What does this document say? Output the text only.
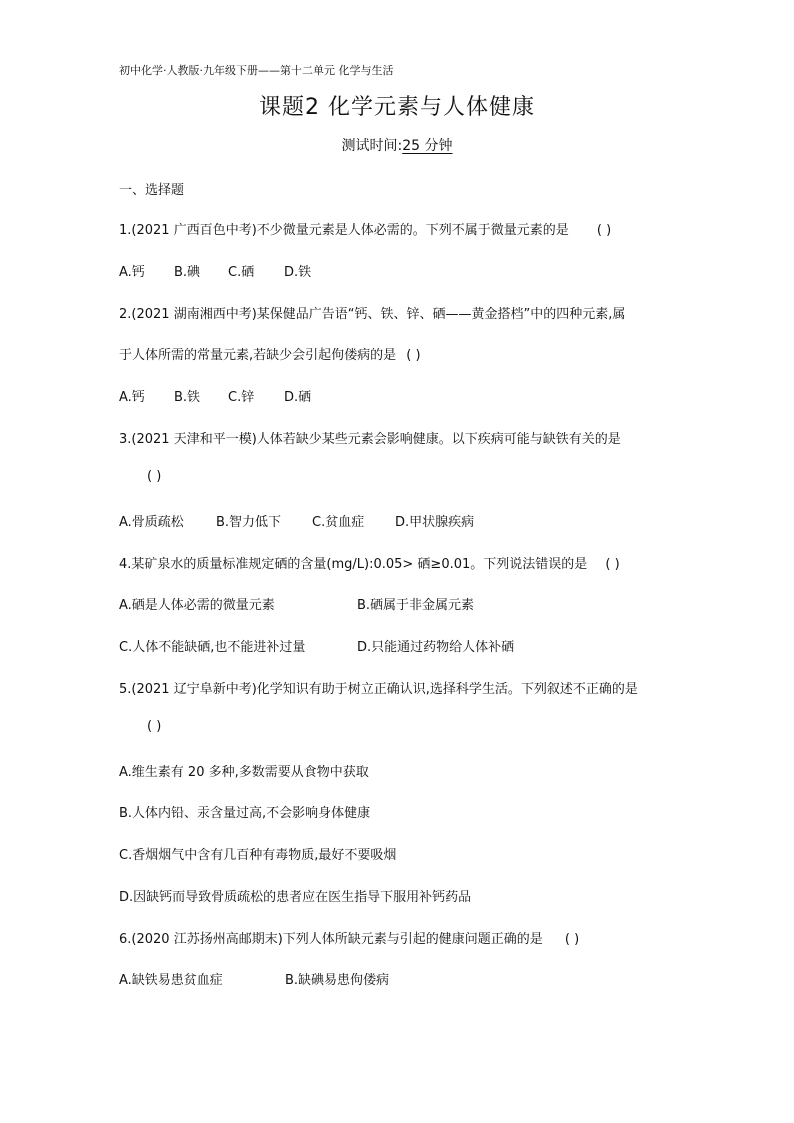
初中化学·人教版·九年级下册——第十二单元 化学与生活
课题2 化学元素与人体健康
测试时间:25 分钟
一、选择题
1.(2021 广西百色中考)不少微量元素是人体必需的。下列不属于微量元素的是 ( )
A.钙 B.碘 C.硒 D.铁
2.(2021 湖南湘西中考)某保健品广告语“钙、铁、锌、硒——黄金搭档”中的四种元素,属
于人体所需的常量元素,若缺少会引起佝偻病的是 ( )
A.钙 B.铁 C.锌 D.硒
3.(2021 天津和平一模)人体若缺少某些元素会影响健康。以下疾病可能与缺铁有关的是
( )
A.骨质疏松 B.智力低下 C.贫血症 D.甲状腺疾病
4.某矿泉水的质量标准规定硒的含量(mg/L):0.05> 硒≥0.01。下列说法错误的是 ( )
A.硒是人体必需的微量元素	B.硒属于非金属元素
C.人体不能缺硒,也不能进补过量	D.只能通过药物给人体补硒
5.(2021 辽宁阜新中考)化学知识有助于树立正确认识,选择科学生活。下列叙述不正确的是
( )
A.维生素有 20 多种,多数需要从食物中获取
B.人体内铅、汞含量过高,不会影响身体健康
C.香烟烟气中含有几百种有毒物质,最好不要吸烟
D.因缺钙而导致骨质疏松的患者应在医生指导下服用补钙药品
6.(2020 江苏扬州高邮期末)下列人体所缺元素与引起的健康问题正确的是 ( )
A.缺铁易患贫血症	B.缺碘易患佝偻病
